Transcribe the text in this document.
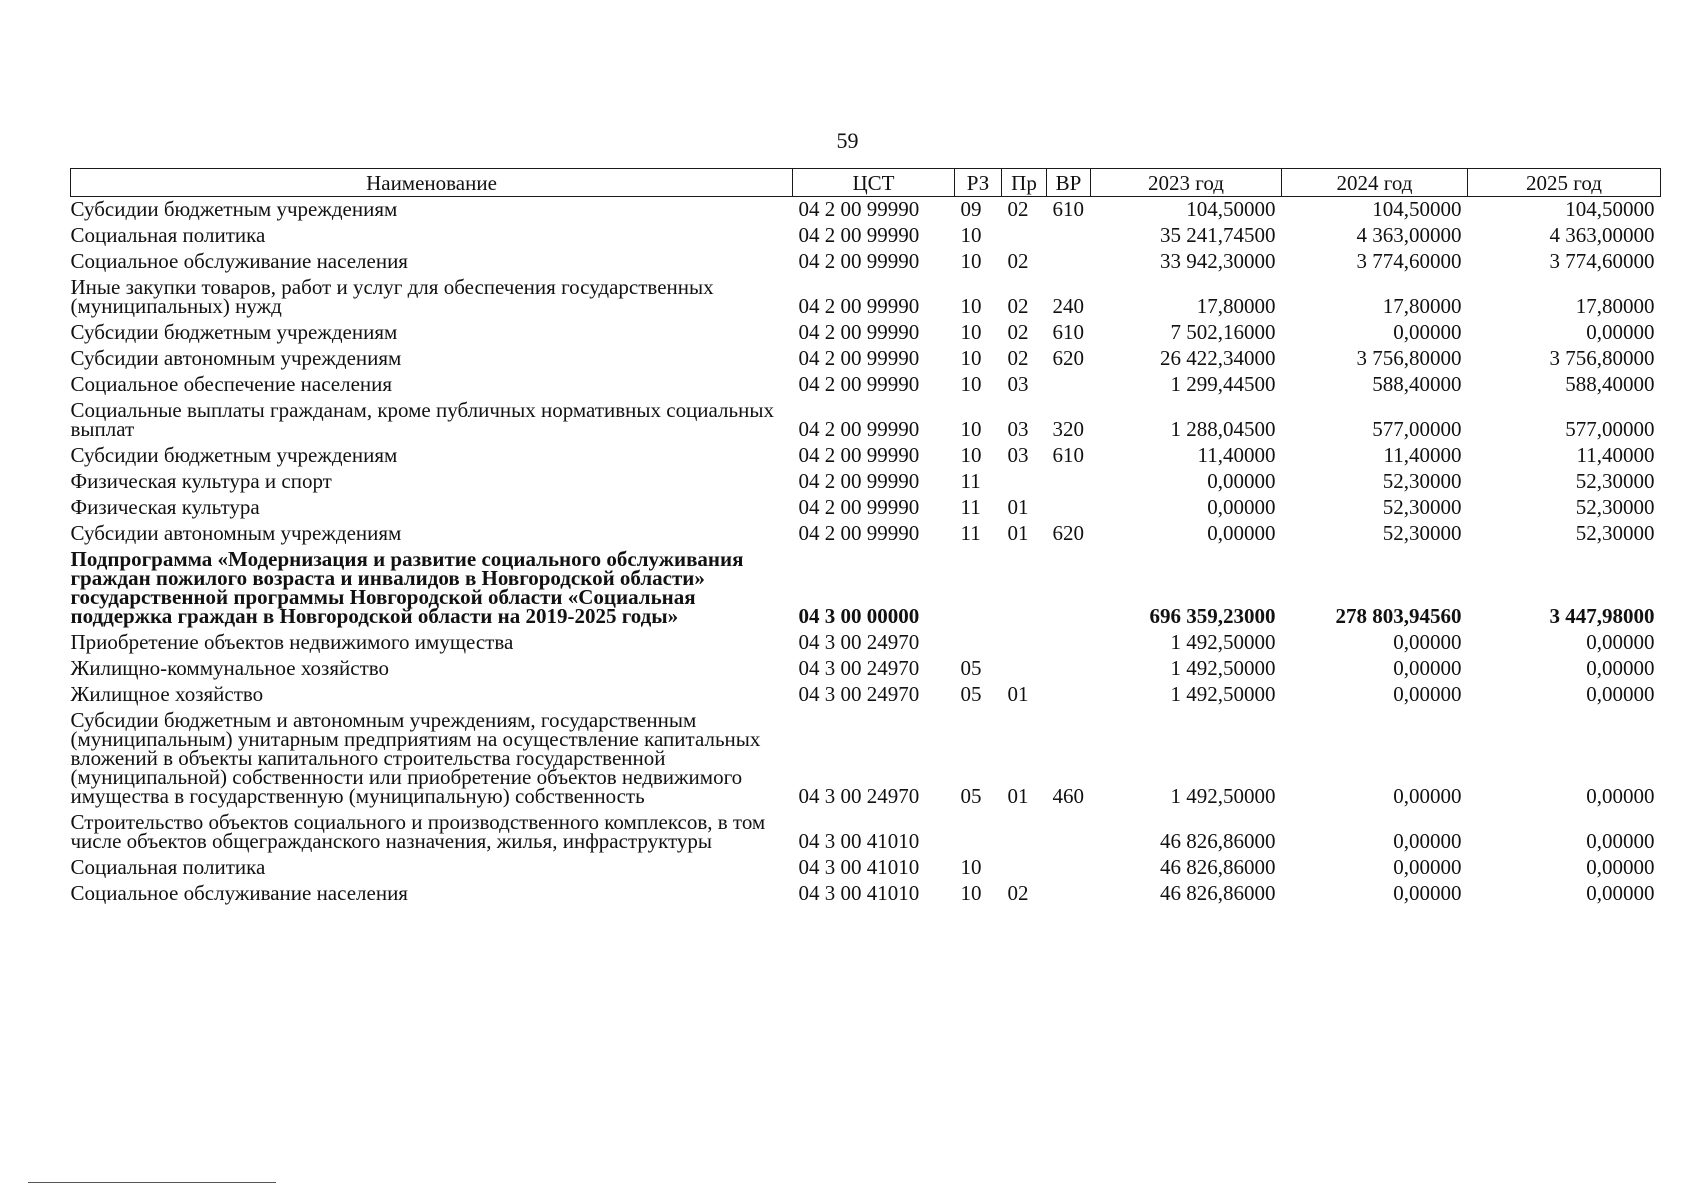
59
Наименование	ЦСТ	РЗ	Пр	ВР	2023 год	2024 год	2025 год
Субсидии бюджетным учреждениям	04 2 00 99990	09	02	610	104,50000	104,50000	104,50000
Социальная политика	04 2 00 99990	10			35 241,74500	4 363,00000	4 363,00000
Социальное обслуживание населения	04 2 00 99990	10	02		33 942,30000	3 774,60000	3 774,60000
Иные закупки товаров, работ и услуг для обеспечения государственных (муниципальных) нужд	04 2 00 99990	10	02	240	17,80000	17,80000	17,80000
Субсидии бюджетным учреждениям	04 2 00 99990	10	02	610	7 502,16000	0,00000	0,00000
Субсидии автономным учреждениям	04 2 00 99990	10	02	620	26 422,34000	3 756,80000	3 756,80000
Социальное обеспечение населения	04 2 00 99990	10	03		1 299,44500	588,40000	588,40000
Социальные выплаты гражданам, кроме публичных нормативных социальных выплат	04 2 00 99990	10	03	320	1 288,04500	577,00000	577,00000
Субсидии бюджетным учреждениям	04 2 00 99990	10	03	610	11,40000	11,40000	11,40000
Физическая культура и спорт	04 2 00 99990	11			0,00000	52,30000	52,30000
Физическая культура	04 2 00 99990	11	01		0,00000	52,30000	52,30000
Субсидии автономным учреждениям	04 2 00 99990	11	01	620	0,00000	52,30000	52,30000
Подпрограмма «Модернизация и развитие социального обслуживания граждан пожилого возраста и инвалидов в Новгородской области» государственной программы Новгородской области «Социальная поддержка граждан в Новгородской области на 2019-2025 годы»	04 3 00 00000				696 359,23000	278 803,94560	3 447,98000
Приобретение объектов недвижимого имущества	04 3 00 24970				1 492,50000	0,00000	0,00000
Жилищно-коммунальное хозяйство	04 3 00 24970	05			1 492,50000	0,00000	0,00000
Жилищное хозяйство	04 3 00 24970	05	01		1 492,50000	0,00000	0,00000
Субсидии бюджетным и автономным учреждениям, государственным (муниципальным) унитарным предприятиям на осуществление капитальных вложений в объекты капитального строительства государственной (муниципальной) собственности или приобретение объектов недвижимого имущества в государственную (муниципальную) собственность	04 3 00 24970	05	01	460	1 492,50000	0,00000	0,00000
Строительство объектов социального и производственного комплексов, в том числе объектов общегражданского назначения, жилья, инфраструктуры	04 3 00 41010				46 826,86000	0,00000	0,00000
Социальная политика	04 3 00 41010	10			46 826,86000	0,00000	0,00000
Социальное обслуживание населения	04 3 00 41010	10	02		46 826,86000	0,00000	0,00000
